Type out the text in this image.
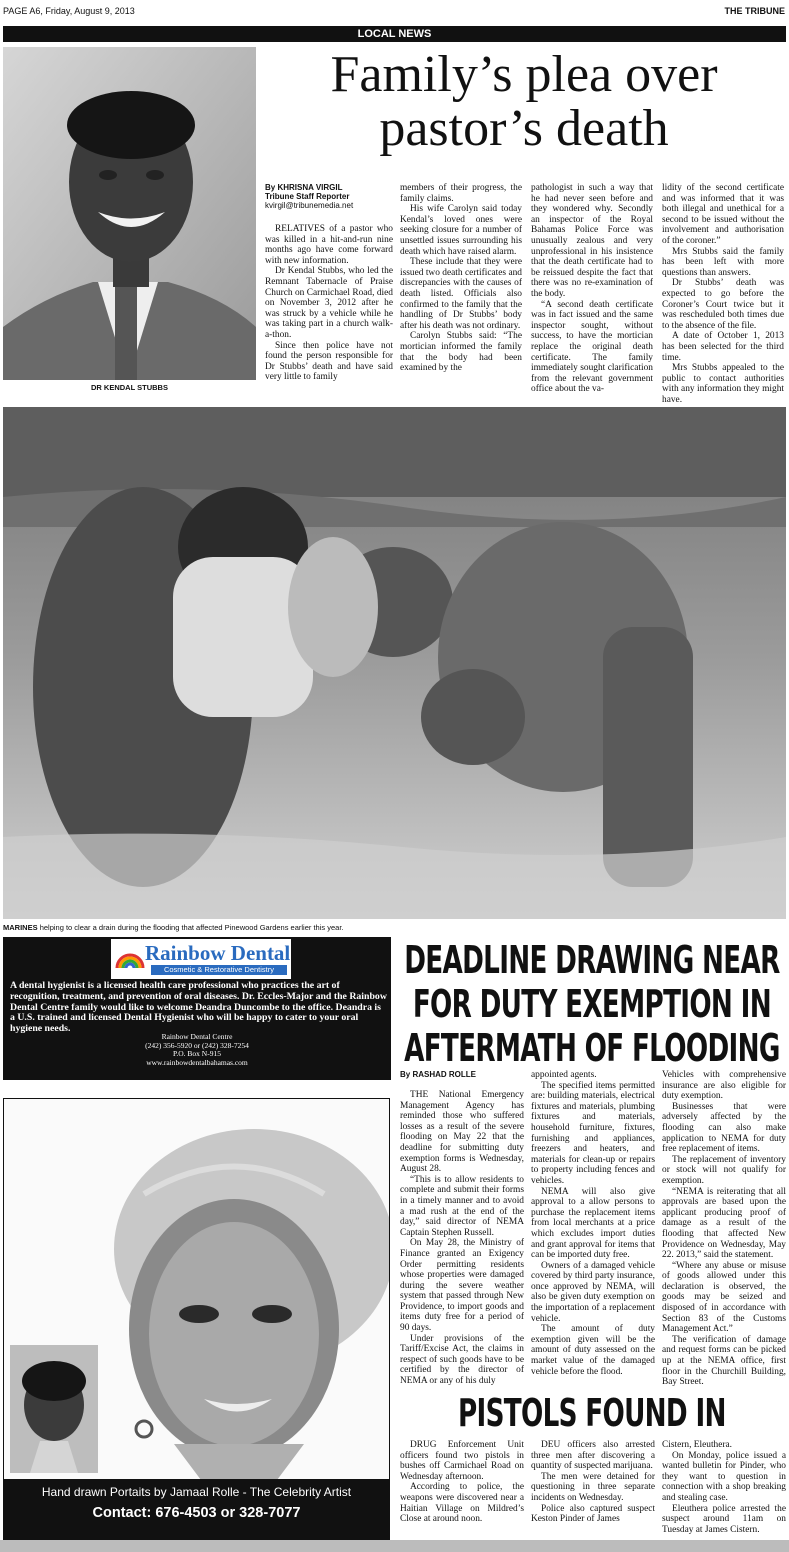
PAGE A6, Friday, August 9, 2013	THE TRIBUNE
LOCAL NEWS
DR KENDAL STUBBS
Family’s plea over
pastor’s death
By KHRISNA VIRGIL
Tribune Staff Reporter
kvirgil@tribunemedia.net

RELATIVES of a pastor who was killed in a hit-and-run nine months ago have come forward with new information.

Dr Kendal Stubbs, who led the Remnant Tabernacle of Praise Church on Carmichael Road, died on November 3, 2012 after he was struck by a vehicle while he was taking part in a church walk-a-thon.

Since then police have not found the person responsible for Dr Stubbs’ death and have said very little to family

members of their progress, the family claims.

His wife Carolyn said today Kendal’s loved ones were seeking closure for a number of unsettled issues surrounding his death which have raised alarm.

These include that they were issued two death certificates and discrepancies with the causes of death listed. Officials also confirmed to the family that the handling of Dr Stubbs’ body after his death was not ordinary.

Carolyn Stubbs said: “The mortician informed the family that the body had been examined by the

pathologist in such a way that he had never seen before and they wondered why. Secondly an inspector of the Royal Bahamas Police Force was unusually zealous and very unprofessional in his insistence that the death certificate had to be reissued despite the fact that there was no re-examination of the body.

“A second death certificate was in fact issued and the same inspector sought, without success, to have the mortician replace the original death certificate. The family immediately sought clarification from the relevant government office about the va-

lidity of the second certificate and was informed that it was both illegal and unethical for a second to be issued without the involvement and authorisation of the coroner.”

Mrs Stubbs said the family has been left with more questions than answers.

Dr Stubbs’ death was expected to go before the Coroner’s Court twice but it was rescheduled both times due to the absence of the file.

A date of October 1, 2013 has been selected for the third time.

Mrs Stubbs appealed to the public to contact authorities with any information they might have.

MARINES helping to clear a drain during the flooding that affected Pinewood Gardens earlier this year.
Rainbow Dental
Cosmetic & Restorative Dentistry
A dental hygienist is a licensed health care professional who practices the art of recognition, treatment, and prevention of oral diseases. Dr. Eccles-Major and the Rainbow Dental Centre family would like to welcome Deandra Duncombe to the office. Deandra is a U.S. trained and licensed Dental Hygienist who will be happy to cater to your oral hygiene needs.
Rainbow Dental Centre
(242) 356-5920 or (242) 328-7254
P.O. Box N-915
www.rainbowdentalbahamas.com
DEADLINE DRAWING NEAR
FOR DUTY EXEMPTION IN
AFTERMATH OF FLOODING
By RASHAD ROLLE

THE National Emergency Management Agency has reminded those who suffered losses as a result of the severe flooding on May 22 that the deadline for submitting duty exemption forms is Wednesday, August 28.

“This is to allow residents to complete and submit their forms in a timely manner and to avoid a mad rush at the end of the day,” said director of NEMA Captain Stephen Russell.

On May 28, the Ministry of Finance granted an Exigency Order permitting residents whose properties were damaged during the severe weather system that passed through New Providence, to import goods and items duty free for a period of 90 days.

Under provisions of the Tariff/Excise Act, the claims in respect of such goods have to be certified by the director of NEMA or any of his duly

appointed agents.

The specified items permitted are: building materials, electrical fixtures and materials, plumbing fixtures and materials, household furniture, fixtures, furnishing and appliances, freezers and heaters, and materials for clean-up or repairs to property including fences and vehicles.

NEMA will also give approval to a allow persons to purchase the replacement items from local merchants at a price which excludes import duties and grant approval for items that can be imported duty free.

Owners of a damaged vehicle covered by third party insurance, once approved by NEMA, will also be given duty exemption on the importation of a replacement vehicle.

The amount of duty exemption given will be the amount of duty assessed on the market value of the damaged vehicle before the flood.

Vehicles with comprehensive insurance are also eligible for duty exemption.

Businesses that were adversely affected by the flooding can also make application to NEMA for duty free replacement of items.

The replacement of inventory or stock will not qualify for exemption.

“NEMA is reiterating that all approvals are based upon the applicant producing proof of damage as a result of the flooding that affected New Providence on Wednesday, May 22. 2013,” said the statement.

“Where any abuse or misuse of goods allowed under this declaration is observed, the goods may be seized and disposed of in accordance with Section 83 of the Customs Management Act.”

The verification of damage and request forms can be picked up at the NEMA office, first floor in the Churchill Building, Bay Street.

Hand drawn Portaits by Jamaal Rolle - The Celebrity Artist
Contact: 676-4503 or 328-7077
PISTOLS FOUND IN

DRUG Enforcement Unit officers found two pistols in bushes off Carmichael Road on Wednesday afternoon.

According to police, the weapons were discovered near a Haitian Village on Mildred’s Close at around noon.

DEU officers also arrested three men after discovering a quantity of suspected marijuana.

The men were detained for questioning in three separate incidents on Wednesday.

Police also captured suspect Keston Pinder of James

Cistern, Eleuthera.

On Monday, police issued a wanted bulletin for Pinder, who they want to question in connection with a shop breaking and stealing case.

Eleuthera police arrested the suspect around 11am on Tuesday at James Cistern.
